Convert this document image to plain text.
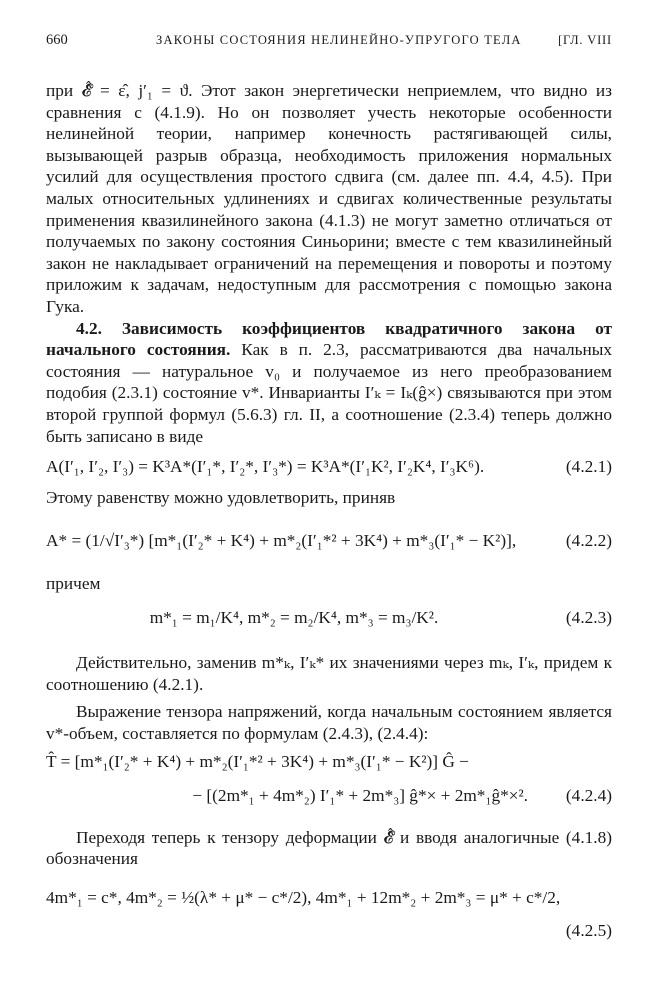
660	ЗАКОНЫ СОСТОЯНИЯ НЕЛИНЕЙНО-УПРУГОГО ТЕЛА	[ГЛ. VIII

при 𝓔̂̂ = ε̂, j′₁ = ϑ. Этот закон энергетически неприемлем, что видно из сравнения с (4.1.9). Но он позволяет учесть некоторые особенности нелинейной теории, например конечность растягивающей силы, вызывающей разрыв образца, необходимость приложения нормальных усилий для осуществления простого сдвига (см. далее пп. 4.4, 4.5). При малых относительных удлинениях и сдвигах количественные результаты применения квазилинейного закона (4.1.3) не могут заметно отличаться от получаемых по закону состояния Синьорини; вместе с тем квазилинейный закон не накладывает ограничений на перемещения и повороты и поэтому приложим к задачам, недоступным для рассмотрения с помощью закона Гука.

4.2. Зависимость коэффициентов квадратичного закона от начального состояния. Как в п. 2.3, рассматриваются два начальных состояния — натуральное v₀ и получаемое из него преобразованием подобия (2.3.1) состояние v*. Инварианты I′ₖ = Iₖ(ĝ×) связываются при этом второй группой формул (5.6.3) гл. II, а соотношение (2.3.4) теперь должно быть записано в виде

A(I′₁, I′₂, I′₃) = K³A*(I′₁*, I′₂*, I′₃*) = K³A*(I′₁K², I′₂K⁴, I′₃K⁶).	(4.2.1)

Этому равенству можно удовлетворить, приняв

A* = (1/√I′₃*) [m*₁(I′₂* + K⁴) + m*₂(I′₁*² + 3K⁴) + m*₃(I′₁* − K²)],	(4.2.2)

причем

m*₁ = m₁/K⁴, m*₂ = m₂/K⁴, m*₃ = m₃/K².	(4.2.3)

Действительно, заменив m*ₖ, I′ₖ* их значениями через mₖ, I′ₖ, придем к соотношению (4.2.1).

Выражение тензора напряжений, когда начальным состоянием является v*-объем, составляется по формулам (2.4.3), (2.4.4):

T̂ = [m*₁(I′₂* + K⁴) + m*₂(I′₁*² + 3K⁴) + m*₃(I′₁* − K²)] Ĝ −
− [(2m*₁ + 4m*₂) I′₁* + 2m*₃] ĝ*× + 2m*₁ĝ*×².	(4.2.4)

Переходя теперь к тензору деформации 𝓔̂̂ и вводя аналогичные (4.1.8) обозначения

4m*₁ = c*, 4m*₂ = ½(λ* + μ* − c*/2), 4m*₁ + 12m*₂ + 2m*₃ = μ* + c*/2,
(4.2.5)
